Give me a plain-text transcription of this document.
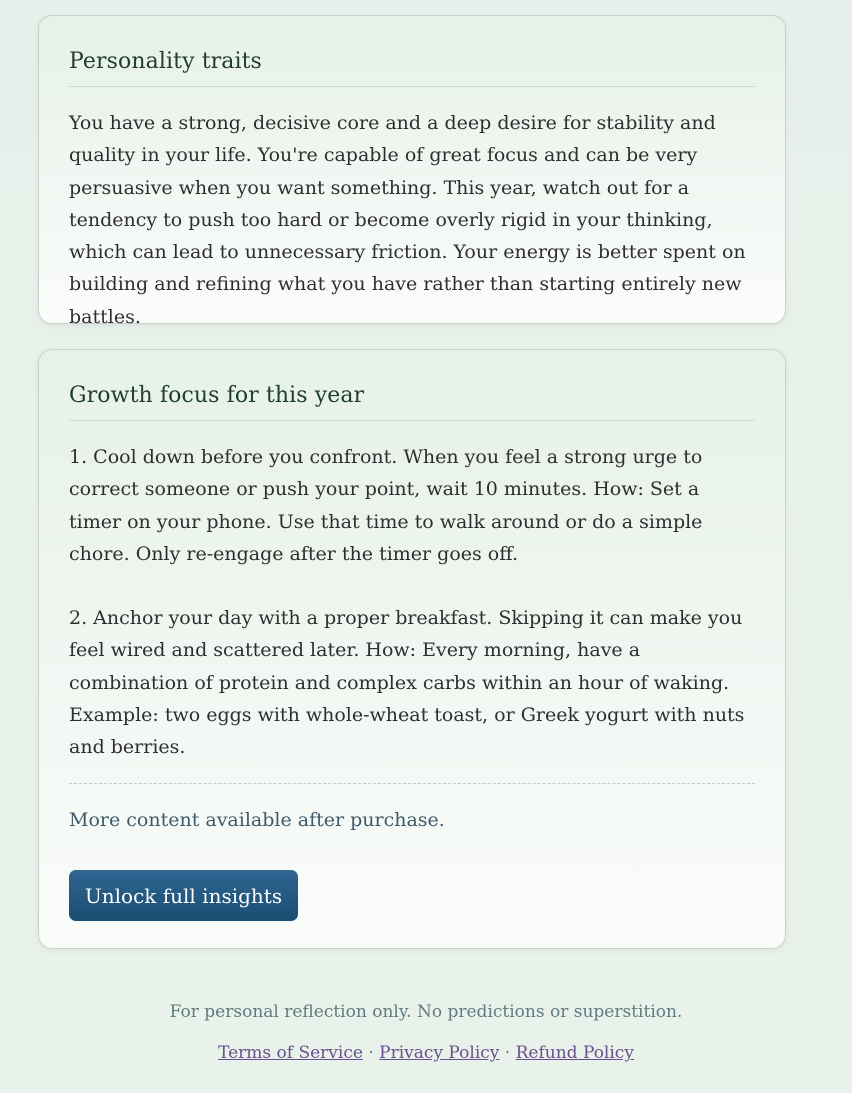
Personality traits

You have a strong, decisive core and a deep desire for stability and quality in your life. You're capable of great focus and can be very persuasive when you want something. This year, watch out for a tendency to push too hard or become overly rigid in your thinking, which can lead to unnecessary friction. Your energy is better spent on building and refining what you have rather than starting entirely new battles.

Growth focus for this year

1. Cool down before you confront. When you feel a strong urge to correct someone or push your point, wait 10 minutes. How: Set a timer on your phone. Use that time to walk around or do a simple chore. Only re-engage after the timer goes off.

2. Anchor your day with a proper breakfast. Skipping it can make you feel wired and scattered later. How: Every morning, have a combination of protein and complex carbs within an hour of waking. Example: two eggs with whole-wheat toast, or Greek yogurt with nuts and berries.

More content available after purchase.

Unlock full insights
For personal reflection only. No predictions or superstition.
Terms of Service · Privacy Policy · Refund Policy
